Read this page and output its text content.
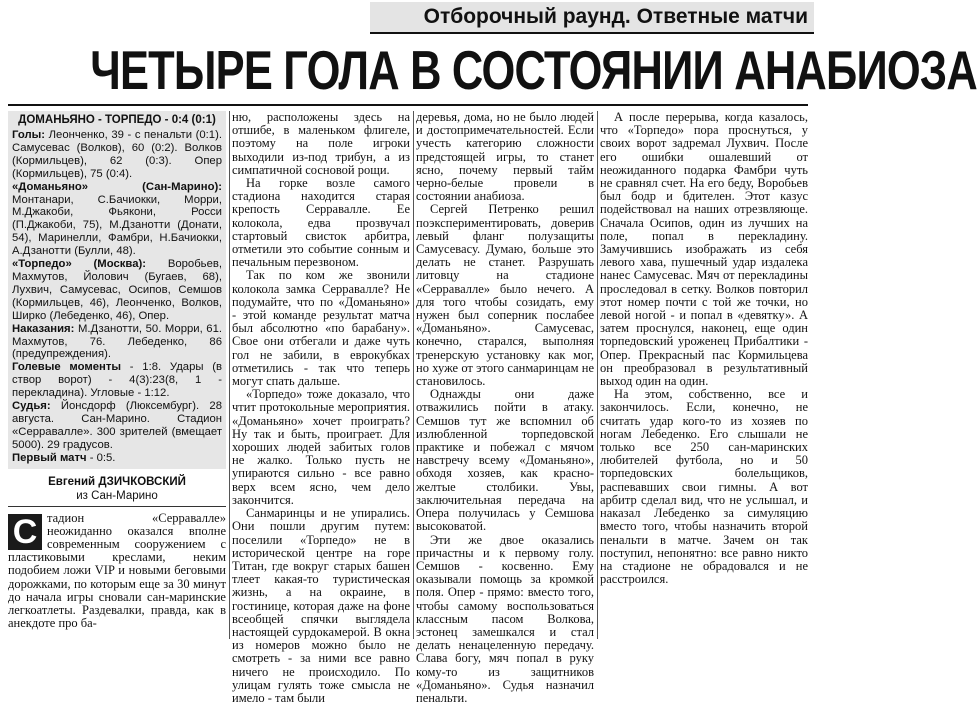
Отборочный раунд. Ответные матчи
ЧЕТЫРЕ ГОЛА В СОСТОЯНИИ АНАБИОЗА
ДОМАНЬЯНО - ТОРПЕДО - 0:4 (0:1)
Голы: Леонченко, 39 - с пенальти (0:1). Самусевас (Волков), 60 (0:2). Волков (Кормильцев), 62 (0:3). Опер (Кормильцев), 75 (0:4).
«Доманьяно» (Сан-Марино): Монтанари, С.Бачиокки, Морри, М.Джакоби, Фьякони, Росси (П.Джакоби, 75), М.Дзанотти (Донати, 54), Маринелли, Фамбри, Н.Бачиокки, А.Дзанотти (Булли, 48).
«Торпедо» (Москва): Воробьев, Махмутов, Йолович (Бугаев, 68), Лухвич, Самусевас, Осипов, Семшов (Кормильцев, 46), Леонченко, Волков, Ширко (Лебеденко, 46), Опер.
Наказания: М.Дзанотти, 50. Морри, 61. Махмутов, 76. Лебеденко, 86 (предупреждения).
Голевые моменты - 1:8. Удары (в створ ворот) - 4(3):23(8, 1 - перекладина). Угловые - 1:12.
Судья: Йонсдорф (Люксембург). 28 августа. Сан-Марино. Стадион «Серравалле». 300 зрителей (вмещает 5000). 29 градусов.
Первый матч - 0:5.
Евгений ДЗИЧКОВСКИЙ
из Сан-Марино
С тадион «Серравалле» неожиданно оказался вполне современным сооружением с пластиковыми креслами, неким подобием ложи VIP и новыми беговыми дорожками, по которым еще за 30 минут до начала игры сновали сан-маринские легкоатлеты. Раздевалки, правда, как в анекдоте про ба-

ню, расположены здесь на отшибе, в маленьком флигеле, поэтому на поле игроки выходили из-под трибун, а из симпатичной сосновой рощи.

На горке возле самого стадиона находится старая крепость Серравалле. Ее колокола, едва прозвучал стартовый свисток арбитра, отметили это событие сонным и печальным перезвоном.

Так по ком же звонили колокола замка Серравалле? Не подумайте, что по «Доманьяно» - этой команде результат матча был абсолютно «по барабану». Свое они отбегали и даже чуть гол не забили, в еврокубках отметились - так что теперь могут спать дальше.

«Торпедо» тоже доказало, что чтит протокольные мероприятия. «Доманьяно» хочет проиграть? Ну так и быть, проиграет. Для хороших людей забитых голов не жалко. Только пусть не упираются сильно - все равно верх всем ясно, чем дело закончится.

Санмаринцы и не упирались. Они пошли другим путем: поселили «Торпедо» не в исторической центре на горе Титан, где вокруг старых башен тлеет какая-то туристическая жизнь, а на окраине, в гостинице, которая даже на фоне всеобщей спячки выглядела настоящей сурдокамерой. В окна из номеров можно было не смотреть - за ними все равно ничего не происходило. По улицам гулять тоже смысла не имело - там были

деревья, дома, но не было людей и достопримечательностей. Если учесть категорию сложности предстоящей игры, то станет ясно, почему первый тайм черно-белые провели в состоянии анабиоза.

Сергей Петренко решил поэкспериментировать, доверив левый фланг полузащиты Самусевасу. Думаю, больше это делать не станет. Разрушать литовцу на стадионе «Серравалле» было нечего. А для того чтобы созидать, ему нужен был соперник послабее «Доманьяно». Самусевас, конечно, старался, выполняя тренерскую установку как мог, но хуже от этого санмаринцам не становилось.

Однажды они даже отважились пойти в атаку. Семшов тут же вспомнил об излюбленной торпедовской практике и побежал с мячом навстречу всему «Доманьяно», обходя хозяев, как красно-желтые столбики. Увы, заключительная передача на Опера получилась у Семшова высоковатой.

Эти же двое оказались причастны и к первому голу. Семшов - косвенно. Ему оказывали помощь за кромкой поля. Опер - прямо: вместо того, чтобы самому воспользоваться классным пасом Волкова, эстонец замешкался и стал делать ненацеленную передачу. Слава богу, мяч попал в руку кому-то из защитников «Доманьяно». Судья назначил пенальти.

А после перерыва, когда казалось, что «Торпедо» пора проснуться, у своих ворот задремал Лухвич. После его ошибки ошалевший от неожиданного подарка Фамбри чуть не сравнял счет. На его беду, Воробьев был бодр и бдителен. Этот казус подействовал на наших отрезвляюще. Сначала Осипов, один из лучших на поле, попал в перекладину. Замучившись изображать из себя левого хава, пушечный удар издалека нанес Самусевас. Мяч от перекладины проследовал в сетку. Волков повторил этот номер почти с той же точки, но левой ногой - и попал в «девятку». А затем проснулся, наконец, еще один торпедовский уроженец Прибалтики - Опер. Прекрасный пас Кормильцева он преобразовал в результативный выход один на один.

На этом, собственно, все и закончилось. Если, конечно, не считать удар кого-то из хозяев по ногам Лебеденко. Его слышали не только все 250 сан-маринских любителей футбола, но и 50 торпедовских болельщиков, распевавших свои гимны. А вот арбитр сделал вид, что не услышал, и наказал Лебеденко за симуляцию вместо того, чтобы назначить второй пенальти в матче. Зачем он так поступил, непонятно: все равно никто на стадионе не обрадовался и не расстроился.
